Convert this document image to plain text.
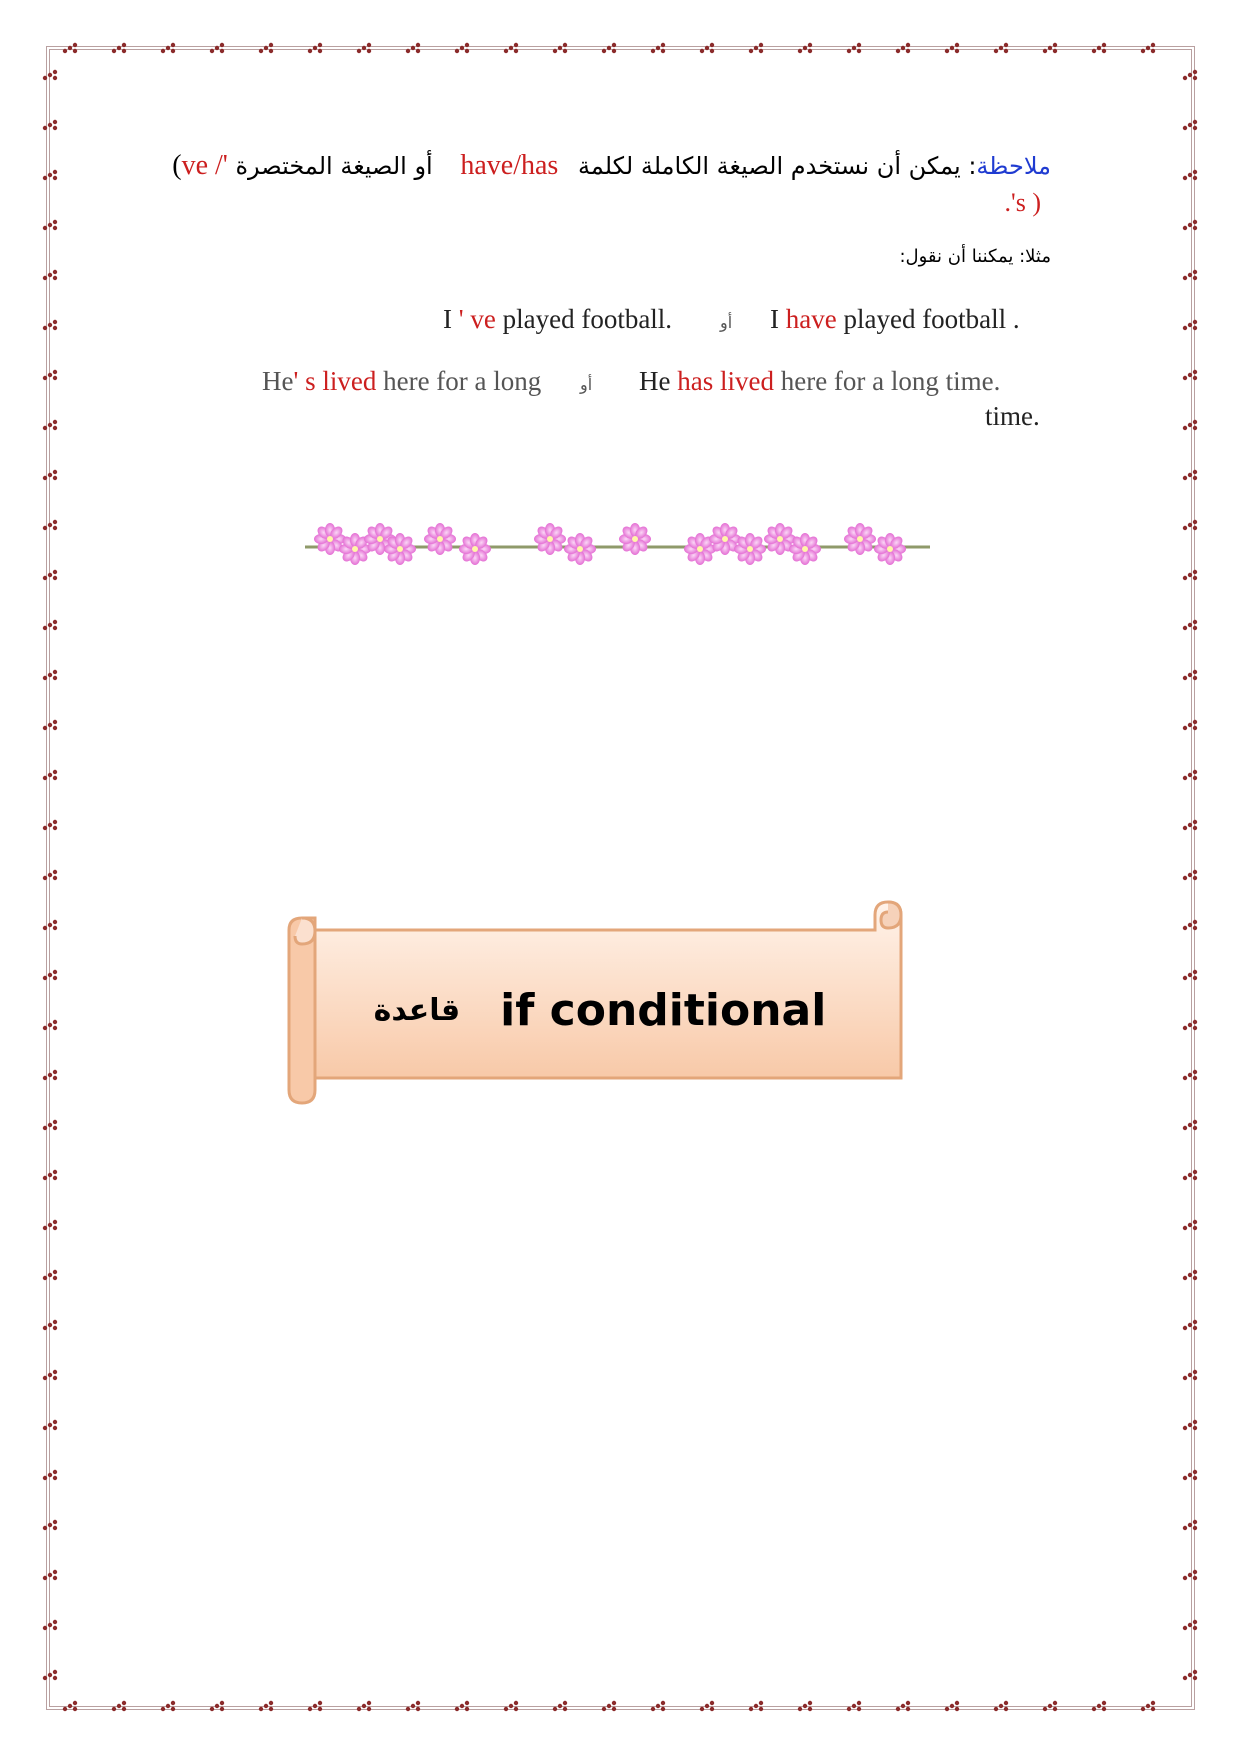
ملاحظة: يمكن أن نستخدم الصيغة الكاملة لكلمة have/has أو الصيغة المختصرة ve /'(
.'s )
مثلا: يمكننا أن نقول:
I have played football .
أو
I ' ve played football.
He has lived here for a long time.
أو
He' s lived here for a long
time.
قاعدة if conditional
